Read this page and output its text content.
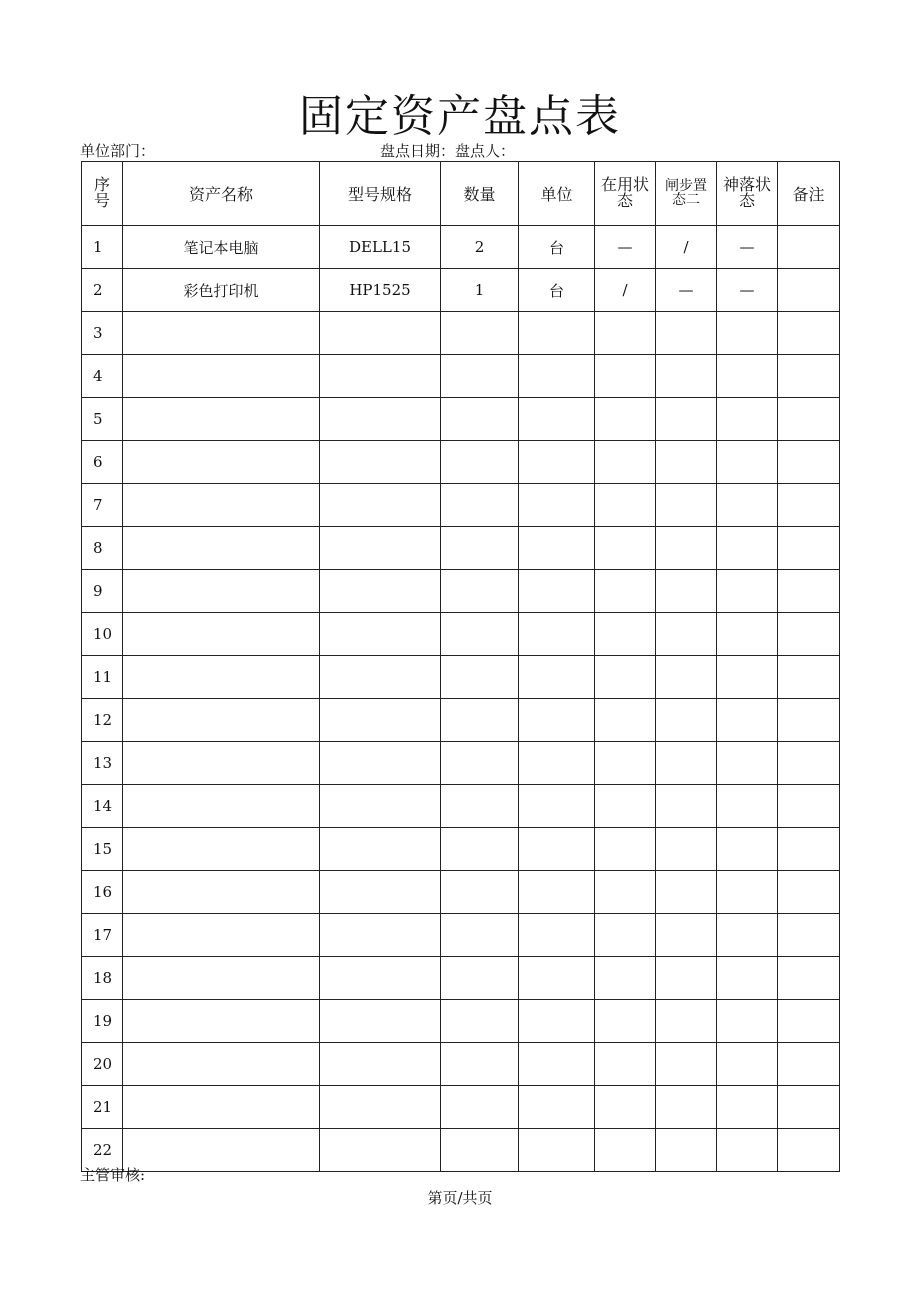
固定资产盘点表
单位部门：	盘点日期：盘点人：
序号	资产名称	型号规格	数量	单位	在用状态	闸步置态二	神落状态	备注
1	笔记本电脑	DELL15	2	台	—	/	—	
2	彩色打印机	HP1525	1	台	/	—	—	
3								
4								
5								
6								
7								
8								
9								
10								
11								
12								
13								
14								
15								
16								
17								
18								
19								
20								
21								
22								
主管审核:
第页/共页
